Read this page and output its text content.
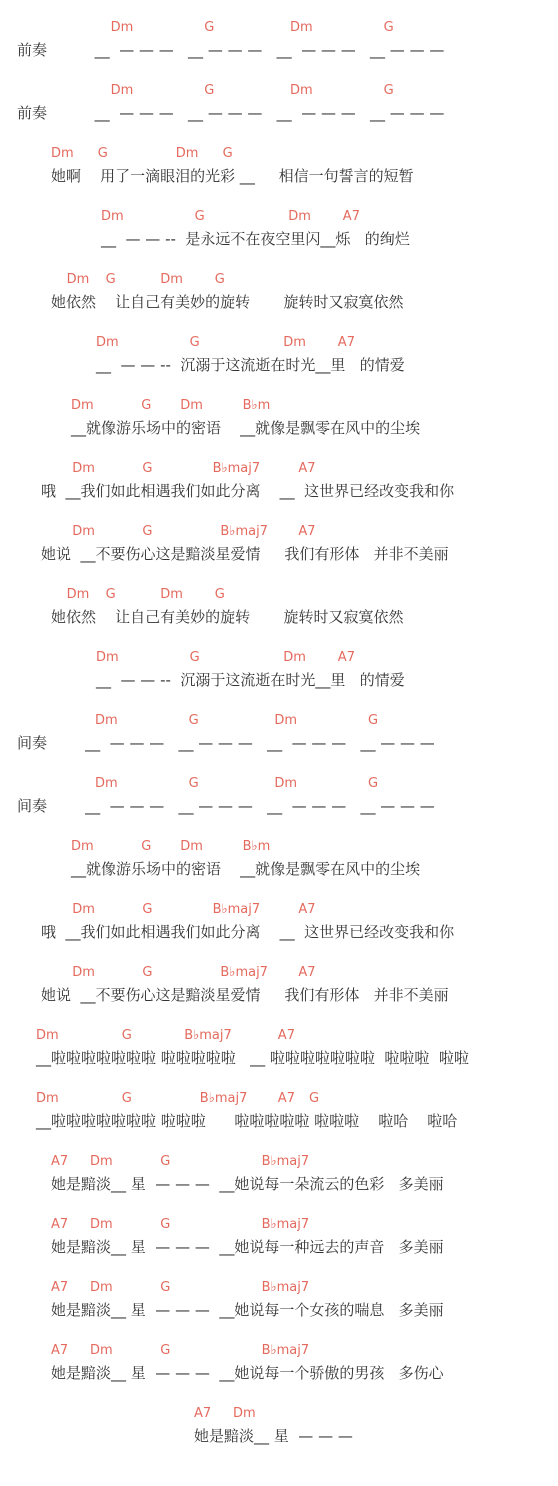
前奏          __  — — —   __ — — —   __  — — —   __ — — —
Dm	G	Dm	G
前奏          __  — — —   __ — — —   __  — — —   __ — — —
Dm	G	Dm	G
她啊    用了一滴眼泪的光彩 __     相信一句誓言的短暂
Dm G	Dm G
__  — — --  是永远不在夜空里闪__烁   的绚烂
Dm	G	Dm A7
她依然    让自己有美妙的旋转       旋转时又寂寞依然
Dm G	Dm G
__  — — --  沉溺于这流逝在时光__里   的情爱
Dm	G	Dm A7
__就像游乐场中的密语    __就像是飘零在风中的尘埃
Dm	G Dm	B♭m
哦  __我们如此相遇我们如此分离    __  这世界已经改变我和你
Dm	G	B♭maj7	A7
她说  __不要伤心这是黯淡星爱情     我们有形体   并非不美丽
Dm	G	B♭maj7 A7
她依然    让自己有美妙的旋转       旋转时又寂寞依然
Dm G	Dm G
__  — — --  沉溺于这流逝在时光__里   的情爱
Dm	G	Dm A7
间奏        __  — — —   __ — — —   __  — — —   __ — — —
Dm	G	Dm	G
间奏        __  — — —   __ — — —   __  — — —   __ — — —
Dm	G	Dm	G
__就像游乐场中的密语    __就像是飘零在风中的尘埃
Dm	G Dm	B♭m
哦  __我们如此相遇我们如此分离    __  这世界已经改变我和你
Dm	G	B♭maj7	A7
她说  __不要伤心这是黯淡星爱情     我们有形体   并非不美丽
Dm	G	B♭maj7 A7
__啦啦啦啦啦啦啦 啦啦啦啦啦   __ 啦啦啦啦啦啦啦  啦啦啦  啦啦
Dm	G	B♭maj7	A7
__啦啦啦啦啦啦啦 啦啦啦      啦啦啦啦啦 啦啦啦    啦哈    啦哈
Dm	G	B♭maj7 A7 G
她是黯淡__ 星  — — —  __她说每一朵流云的色彩   多美丽
A7 Dm	G	B♭maj7
她是黯淡__ 星  — — —  __她说每一种远去的声音   多美丽
A7 Dm	G	B♭maj7
她是黯淡__ 星  — — —  __她说每一个女孩的喘息   多美丽
A7 Dm	G	B♭maj7
她是黯淡__ 星  — — —  __她说每一个骄傲的男孩   多伤心
A7 Dm	G	B♭maj7
她是黯淡__ 星  — — —
A7 Dm
